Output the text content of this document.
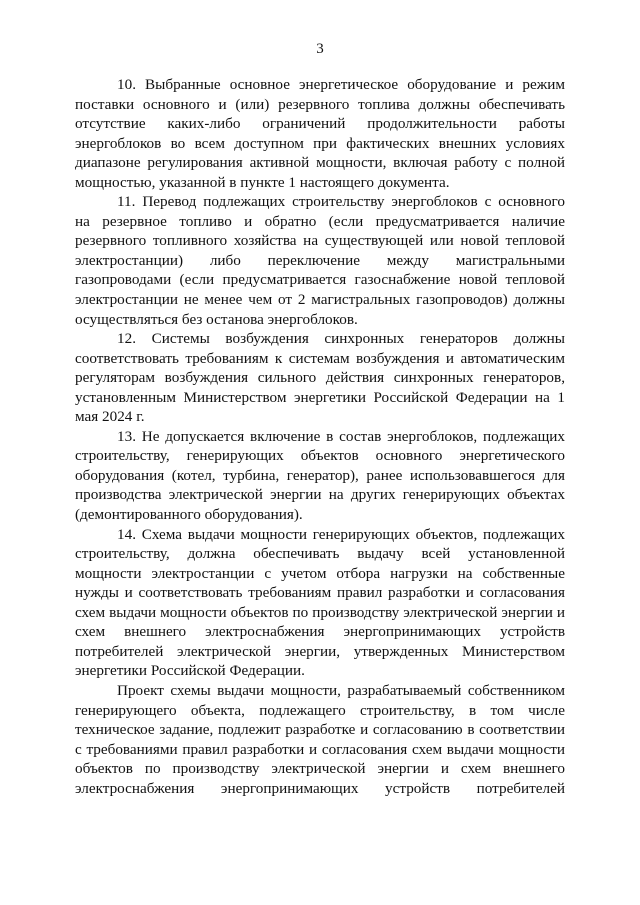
3

10. Выбранные основное энергетическое оборудование и режим поставки основного и (или) резервного топлива должны обеспечивать отсутствие каких-либо ограничений продолжительности работы энергоблоков во всем доступном при фактических внешних условиях диапазоне регулирования активной мощности, включая работу с полной мощностью, указанной в пункте 1 настоящего документа.

11. Перевод подлежащих строительству энергоблоков с основного на резервное топливо и обратно (если предусматривается наличие резервного топливного хозяйства на существующей или новой тепловой электростанции) либо переключение между магистральными газопроводами (если предусматривается газоснабжение новой тепловой электростанции не менее чем от 2 магистральных газопроводов) должны осуществляться без останова энергоблоков.

12. Системы возбуждения синхронных генераторов должны соответствовать требованиям к системам возбуждения и автоматическим регуляторам возбуждения сильного действия синхронных генераторов, установленным Министерством энергетики Российской Федерации на 1 мая 2024 г.

13. Не допускается включение в состав энергоблоков, подлежащих строительству, генерирующих объектов основного энергетического оборудования (котел, турбина, генератор), ранее использовавшегося для производства электрической энергии на других генерирующих объектах (демонтированного оборудования).

14. Схема выдачи мощности генерирующих объектов, подлежащих строительству, должна обеспечивать выдачу всей установленной мощности электростанции с учетом отбора нагрузки на собственные нужды и соответствовать требованиям правил разработки и согласования схем выдачи мощности объектов по производству электрической энергии и схем внешнего электроснабжения энергопринимающих устройств потребителей электрической энергии, утвержденных Министерством энергетики Российской Федерации.

Проект схемы выдачи мощности, разрабатываемый собственником генерирующего объекта, подлежащего строительству, в том числе техническое задание, подлежит разработке и согласованию в соответствии с требованиями правил разработки и согласования схем выдачи мощности объектов по производству электрической энергии и схем внешнего электроснабжения энергопринимающих устройств потребителей
